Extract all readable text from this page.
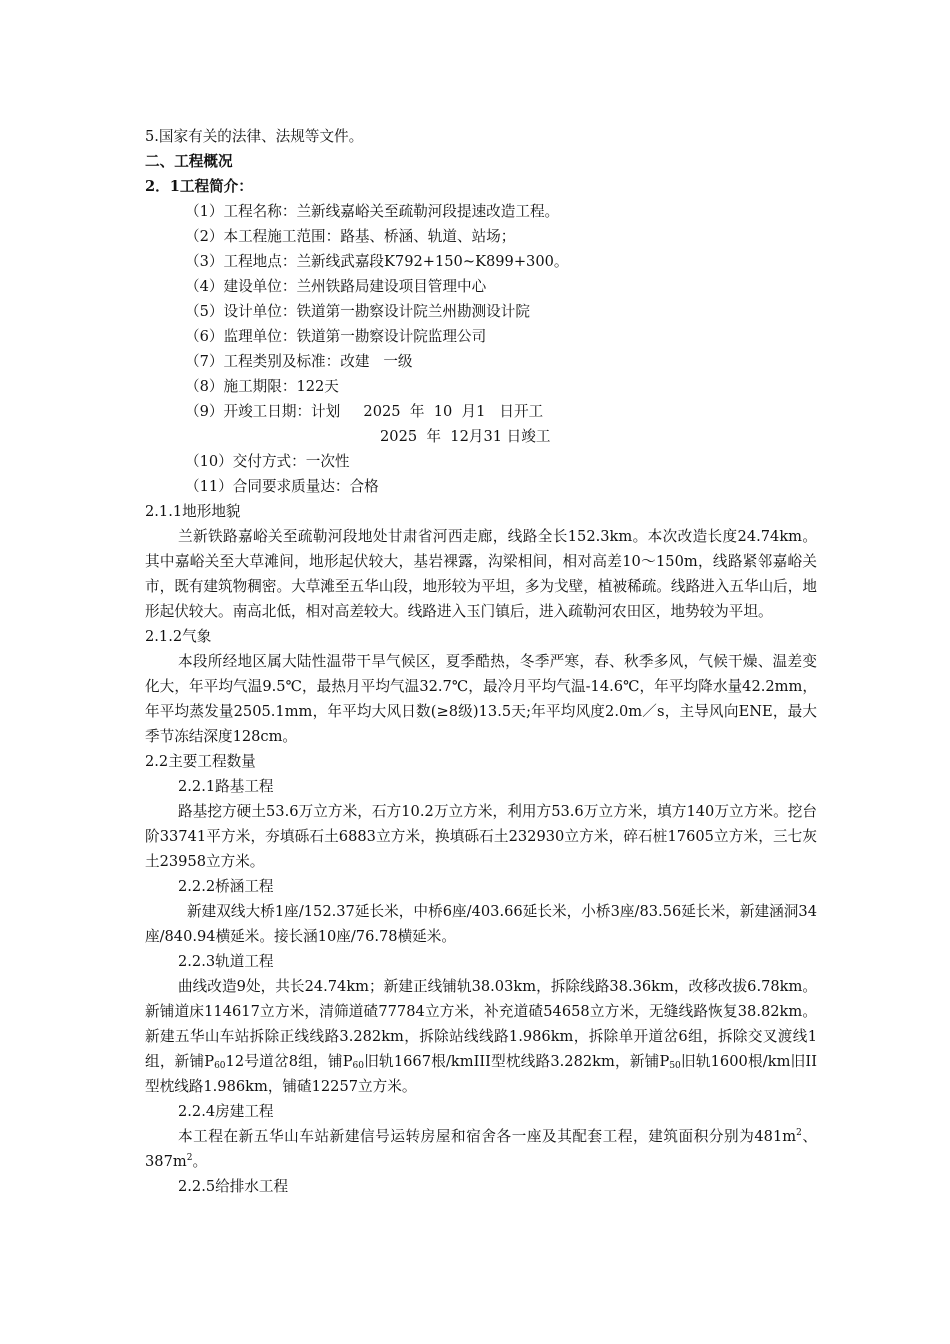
5.国家有关的法律、法规等文件。
二、工程概况
2．1工程简介：
（1）工程名称：兰新线嘉峪关至疏勒河段提速改造工程。
（2）本工程施工范围：路基、桥涵、轨道、站场；
（3）工程地点：兰新线武嘉段K792+150~K899+300。
（4）建设单位：兰州铁路局建设项目管理中心
（5）设计单位：铁道第一勘察设计院兰州勘测设计院
（6）监理单位：铁道第一勘察设计院监理公司
（7）工程类别及标准：改建   一级
（8）施工期限：122天
（9）开竣工日期：计划     2025  年  10  月1   日开工
2025  年  12月31 日竣工
（10）交付方式：一次性
（11）合同要求质量达：合格
2.1.1地形地貌

兰新铁路嘉峪关至疏勒河段地处甘肃省河西走廊，线路全长152.3km。本次改造长度24.74km。其中嘉峪关至大草滩间，地形起伏较大，基岩裸露，沟梁相间，相对高差10～150m，线路紧邻嘉峪关市，既有建筑物稠密。大草滩至五华山段，地形较为平坦，多为戈壁，植被稀疏。线路进入五华山后，地形起伏较大。南高北低，相对高差较大。线路进入玉门镇后，进入疏勒河农田区，地势较为平坦。

2.1.2气象

本段所经地区属大陆性温带干旱气候区，夏季酷热，冬季严寒，春、秋季多风，气候干燥、温差变化大，年平均气温9.5℃，最热月平均气温32.7℃，最冷月平均气温-14.6℃，年平均降水量42.2mm，年平均蒸发量2505.1mm，年平均大风日数(≥8级)13.5天;年平均风度2.0m／s，主导风向ENE，最大季节冻结深度128cm。

2.2主要工程数量
2.2.1路基工程

路基挖方硬土53.6万立方米，石方10.2万立方米，利用方53.6万立方米，填方140万立方米。挖台阶33741平方米，夯填砾石土6883立方米，换填砾石土232930立方米，碎石桩17605立方米，三七灰土23958立方米。

2.2.2桥涵工程

新建双线大桥1座/152.37延长米，中桥6座/403.66延长米，小桥3座/83.56延长米，新建涵洞34座/840.94横延米。接长涵10座/76.78横延米。

2.2.3轨道工程

曲线改造9处，共长24.74km；新建正线铺轨38.03km，拆除线路38.36km，改移改拔6.78km。新铺道床114617立方米，清筛道碴77784立方米，补充道碴54658立方米，无缝线路恢复38.82km。新建五华山车站拆除正线线路3.282km，拆除站线线路1.986km，拆除单开道岔6组，拆除交叉渡线1组，新铺$P_{60}12$号道岔8组，铺$P_{60}$旧轨1667根/kmIII型枕线路3.282km，新铺$P_{50}$旧轨1600根/km旧II型枕线路1.986km，铺碴12257立方米。

2.2.4房建工程

本工程在新五华山车站新建信号运转房屋和宿舍各一座及其配套工程，建筑面积分别为$481m^2$、$387m^2$。

2.2.5给排水工程
